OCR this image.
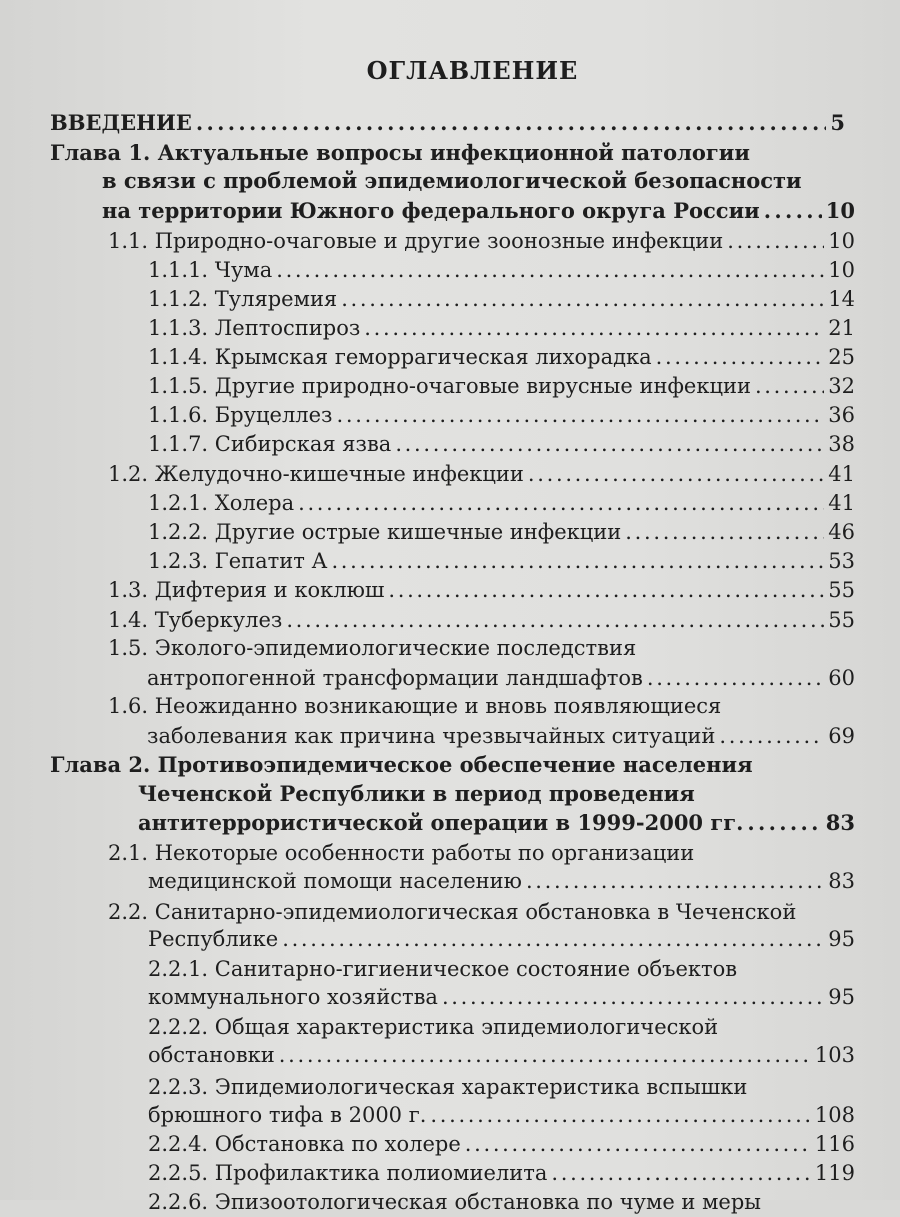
ОГЛАВЛЕНИЕ
ВВЕДЕНИЕ . . .	5
Глава 1. Актуальные вопросы инфекционной патологии
в связи с проблемой эпидемиологической безопасности
на территории Южного федерального округа России . . .	10
1.1. Природно-очаговые и другие зоонозные инфекции . . .	10
1.1.1. Чума . . .	10
1.1.2. Туляремия . . .	14
1.1.3. Лептоспироз . . .	21
1.1.4. Крымская геморрагическая лихорадка . . .	25
1.1.5. Другие природно-очаговые вирусные инфекции . . .	32
1.1.6. Бруцеллез . . .	36
1.1.7. Сибирская язва . . .	38
1.2. Желудочно-кишечные инфекции . . .	41
1.2.1. Холера . . .	41
1.2.2. Другие острые кишечные инфекции . . .	46
1.2.3. Гепатит А . . .	53
1.3. Дифтерия и коклюш . . .	55
1.4. Туберкулез . . .	55
1.5. Эколого-эпидемиологические последствия
антропогенной трансформации ландшафтов . . .	60
1.6. Неожиданно возникающие и вновь появляющиеся
заболевания как причина чрезвычайных ситуаций . . .	69
Глава 2. Противоэпидемическое обеспечение населения
Чеченской Республики в период проведения
антитеррористической операции в 1999-2000 гг. . . .	83
2.1. Некоторые особенности работы по организации
медицинской помощи населению . . .	83
2.2. Санитарно-эпидемиологическая обстановка в Чеченской
Республике . . .	95
2.2.1. Санитарно-гигиеническое состояние объектов
коммунального хозяйства . . .	95
2.2.2. Общая характеристика эпидемиологической
обстановки . . .	103
2.2.3. Эпидемиологическая характеристика вспышки
брюшного тифа в 2000 г. . . .	108
2.2.4. Обстановка по холере . . .	116
2.2.5. Профилактика полиомиелита . . .	119
2.2.6. Эпизоотологическая обстановка по чуме и меры
